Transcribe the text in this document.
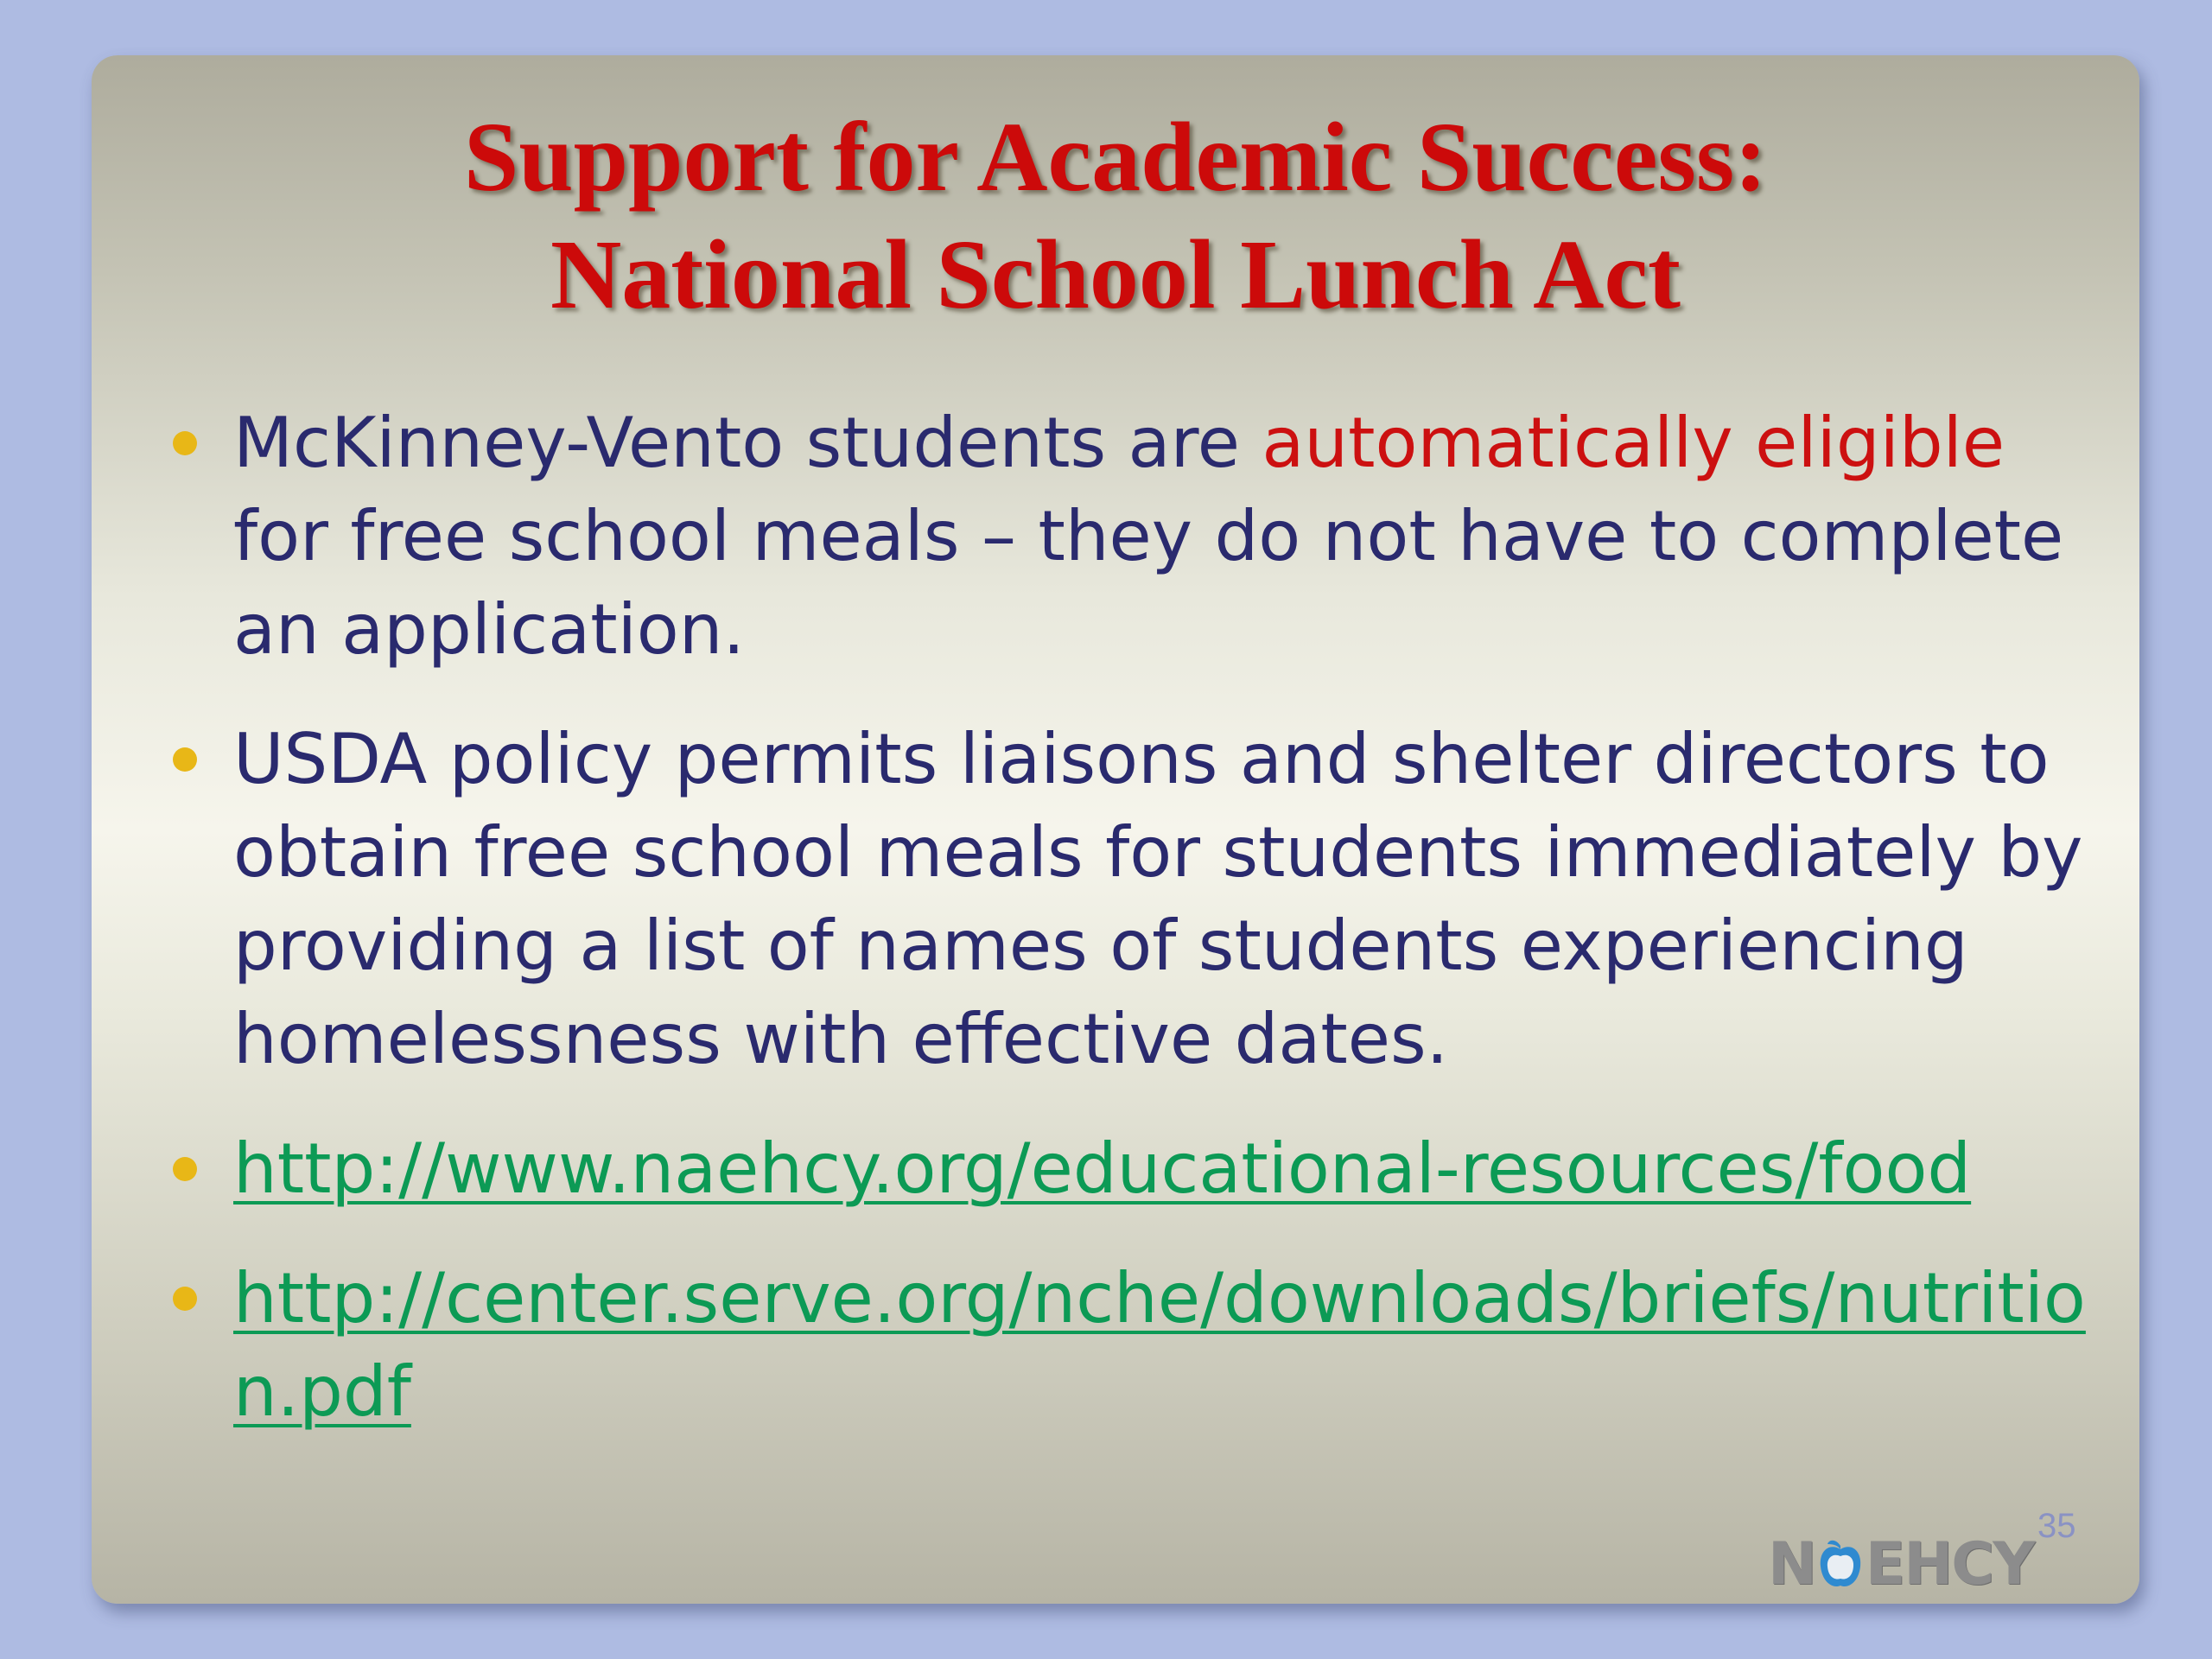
Support for Academic Success:
National School Lunch Act
McKinney-Vento students are automatically eligible for free school meals – they do not have to complete an application.
USDA policy permits liaisons and shelter directors to obtain free school meals for students immediately by providing a list of names of students experiencing homelessness with effective dates.
http://www.naehcy.org/educational-resources/food
http://center.serve.org/nche/downloads/briefs/nutrition.pdf
N EHCY
35
